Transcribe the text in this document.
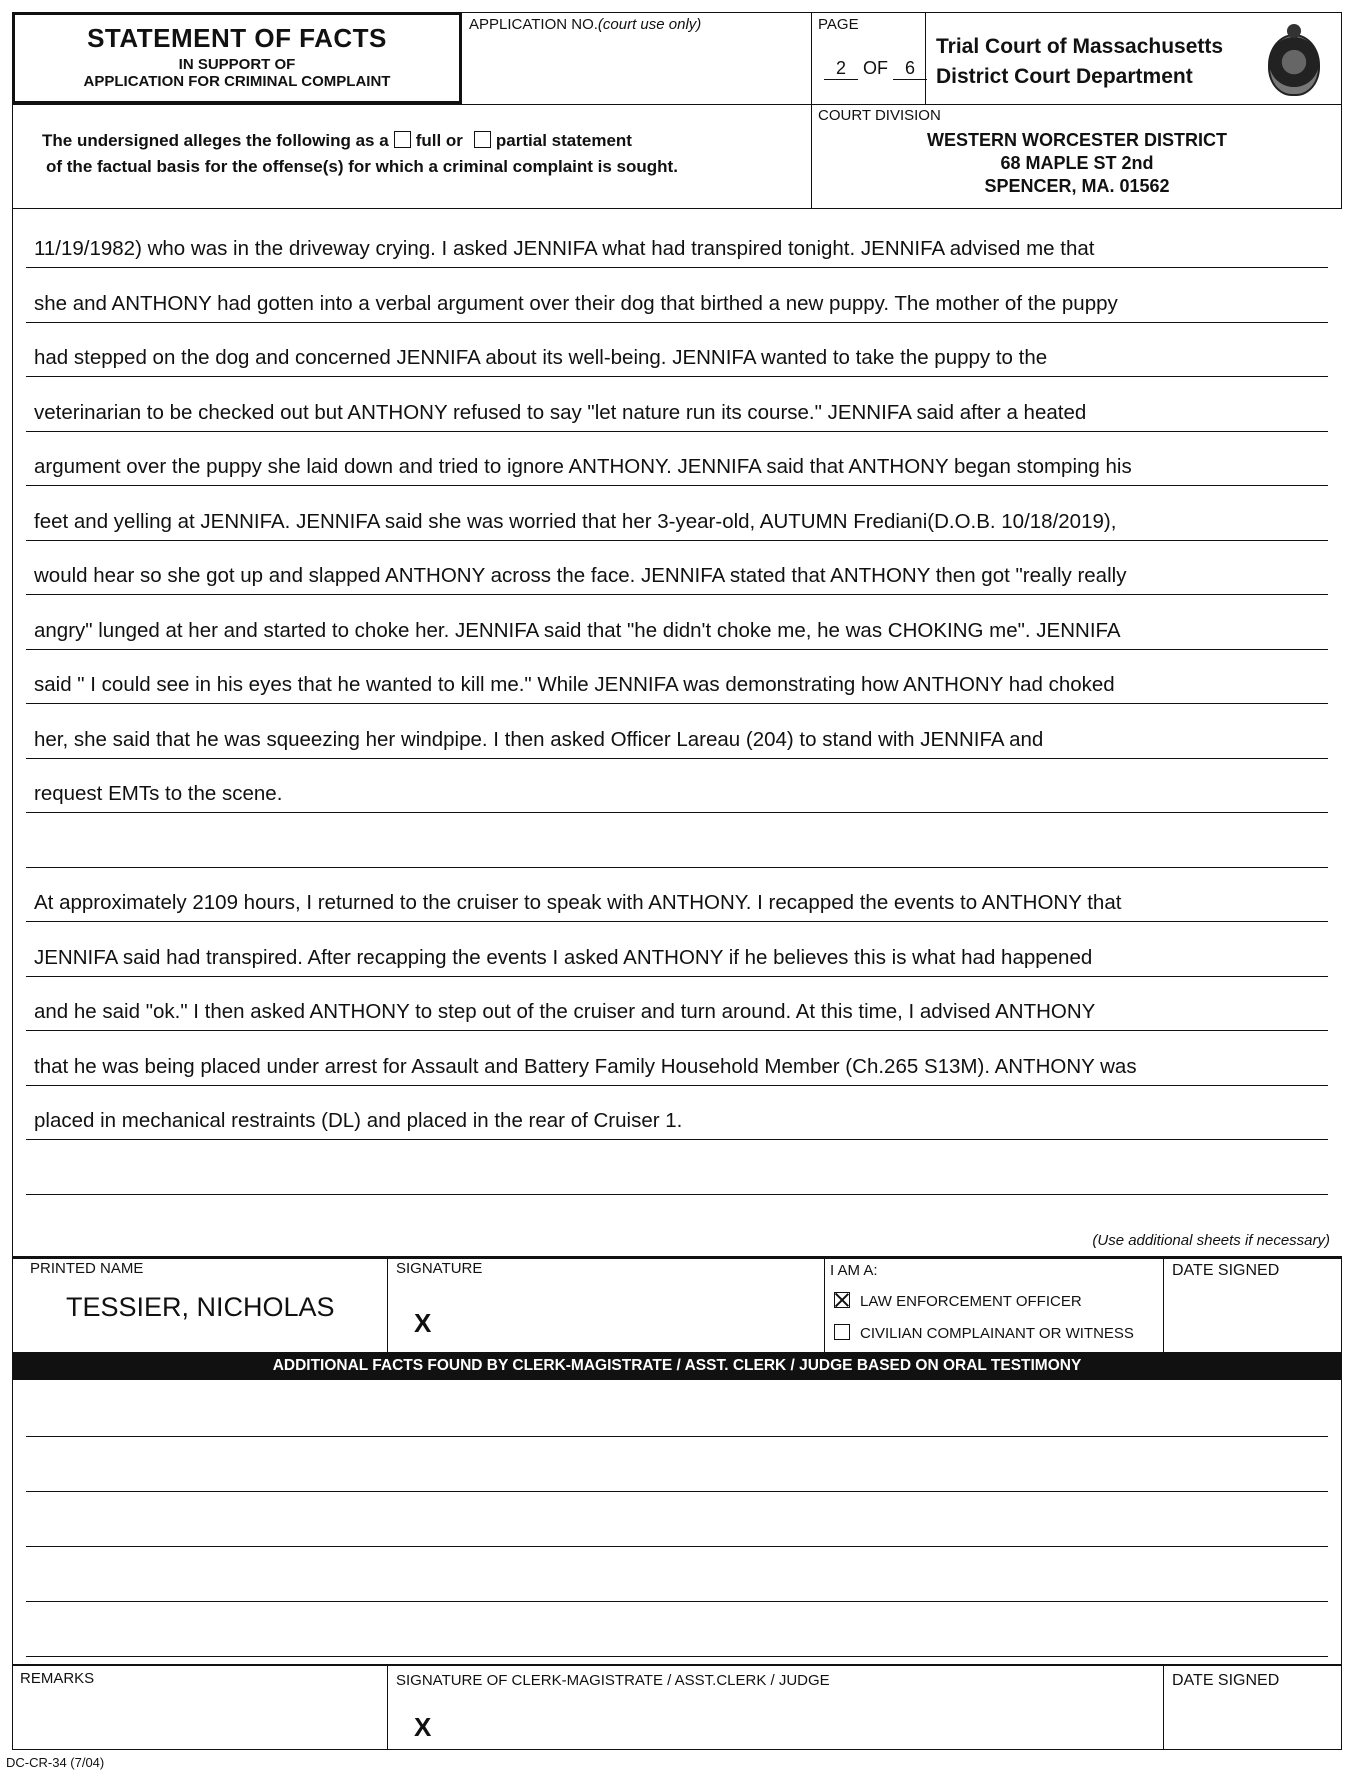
STATEMENT OF FACTS
IN SUPPORT OF
APPLICATION FOR CRIMINAL COMPLAINT
APPLICATION NO.(court use only)	PAGE
2 OF 6
Trial Court of Massachusetts
District Court Department
The undersigned alleges the following as a full or partial statement
of the factual basis for the offense(s) for which a criminal complaint is sought.
COURT DIVISION
WESTERN WORCESTER DISTRICT
68 MAPLE ST 2nd
SPENCER, MA. 01562
11/19/1982) who was in the driveway crying. I asked JENNIFA what had transpired tonight. JENNIFA advised me that
she and ANTHONY had gotten into a verbal argument over their dog that birthed a new puppy. The mother of the puppy
had stepped on the dog and concerned JENNIFA about its well-being. JENNIFA wanted to take the puppy to the
veterinarian to be checked out but ANTHONY refused to say "let nature run its course." JENNIFA said after a heated
argument over the puppy she laid down and tried to ignore ANTHONY. JENNIFA said that ANTHONY began stomping his
feet and yelling at JENNIFA. JENNIFA said she was worried that her 3-year-old, AUTUMN Frediani(D.O.B. 10/18/2019),
would hear so she got up and slapped ANTHONY across the face. JENNIFA stated that ANTHONY then got "really really
angry" lunged at her and started to choke her. JENNIFA said that "he didn't choke me, he was CHOKING me". JENNIFA
said " I could see in his eyes that he wanted to kill me." While JENNIFA was demonstrating how ANTHONY had choked
her, she said that he was squeezing her windpipe. I then asked Officer Lareau (204) to stand with JENNIFA and
request EMTs to the scene.
At approximately 2109 hours, I returned to the cruiser to speak with ANTHONY. I recapped the events to ANTHONY that
JENNIFA said had transpired. After recapping the events I asked ANTHONY if he believes this is what had happened
and he said "ok." I then asked ANTHONY to step out of the cruiser and turn around. At this time, I advised ANTHONY
that he was being placed under arrest for Assault and Battery Family Household Member (Ch.265 S13M). ANTHONY was
placed in mechanical restraints (DL) and placed in the rear of Cruiser 1.
(Use additional sheets if necessary)
PRINTED NAME
TESSIER, NICHOLAS
SIGNATURE
X
I AM A:
LAW ENFORCEMENT OFFICER
CIVILIAN COMPLAINANT OR WITNESS
DATE SIGNED
ADDITIONAL FACTS FOUND BY CLERK-MAGISTRATE / ASST. CLERK / JUDGE BASED ON ORAL TESTIMONY
REMARKS	SIGNATURE OF CLERK-MAGISTRATE / ASST.CLERK / JUDGE
X
DATE SIGNED
DC-CR-34 (7/04)
